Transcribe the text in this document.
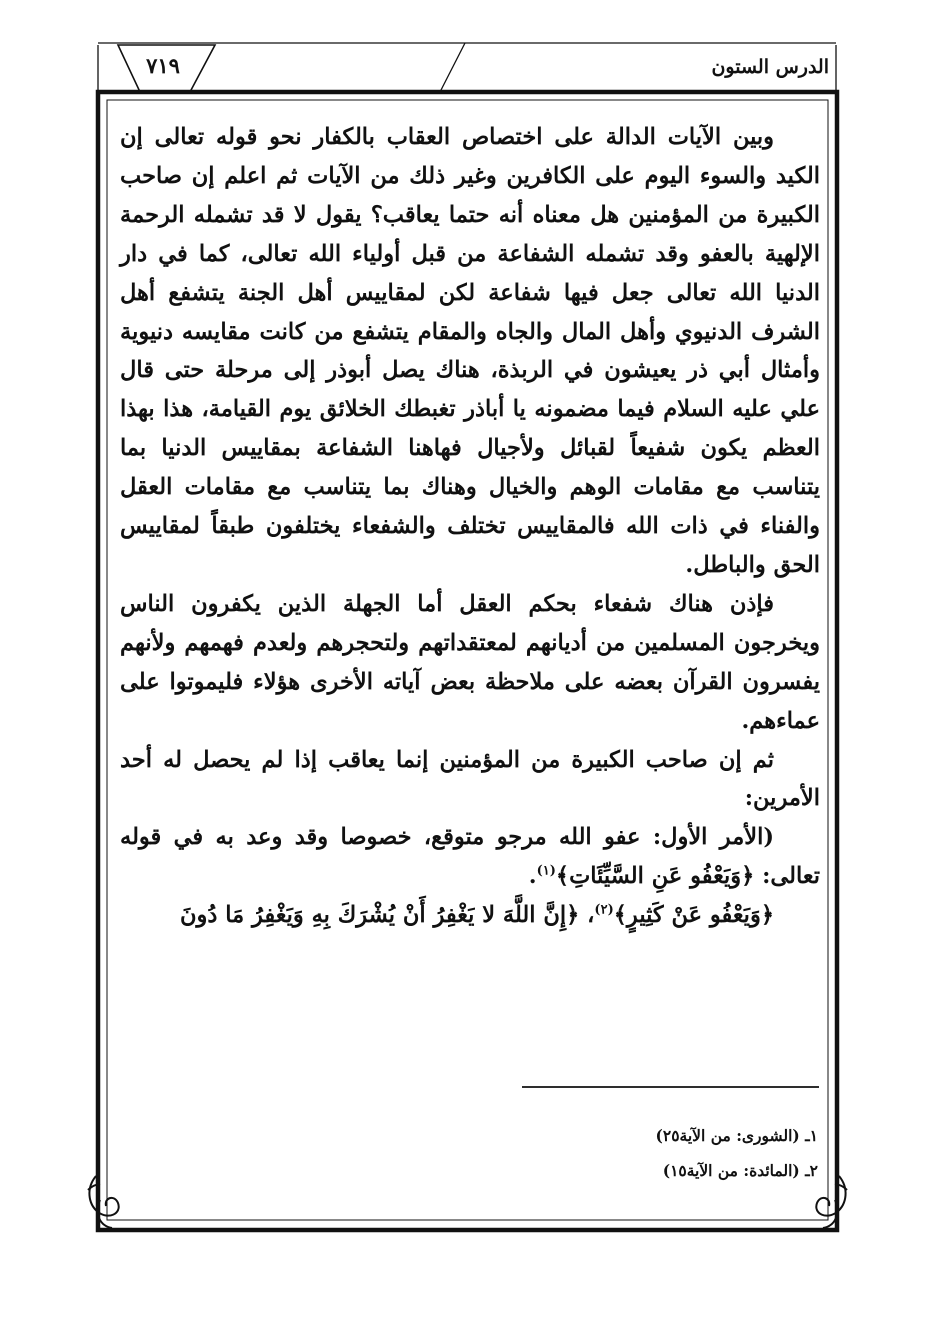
الدرس الستون
٧١٩

وبين الآيات الدالة على اختصاص العقاب بالكفار نحو قوله تعالى إن الكيد والسوء اليوم على الكافرين وغير ذلك من الآيات ثم اعلم إن صاحب الكبيرة من المؤمنين هل معناه أنه حتما يعاقب؟ يقول لا قد تشمله الرحمة الإلهية بالعفو وقد تشمله الشفاعة من قبل أولياء الله تعالى، كما في دار الدنيا الله تعالى جعل فيها شفاعة لكن لمقاييس أهل الجنة يتشفع أهل الشرف الدنيوي وأهل المال والجاه والمقام يتشفع من كانت مقايسه دنيوية وأمثال أبي ذر يعيشون في الربذة، هناك يصل أبوذر إلى مرحلة حتى قال علي عليه السلام فيما مضمونه يا أباذر تغبطك الخلائق يوم القيامة، هذا بهذا العظم يكون شفيعاً لقبائل ولأجيال فهاهنا الشفاعة بمقاييس الدنيا بما يتناسب مع مقامات الوهم والخيال وهناك بما يتناسب مع مقامات العقل والفناء في ذات الله فالمقاييس تختلف والشفعاء يختلفون طبقاً لمقاييس الحق والباطل.

فإذن هناك شفعاء بحكم العقل أما الجهلة الذين يكفرون الناس ويخرجون المسلمين من أديانهم لمعتقداتهم ولتحجرهم ولعدم فهمهم ولأنهم يفسرون القرآن بعضه على ملاحظة بعض آياته الأخرى هؤلاء فليموتوا على عماءهم.

ثم إن صاحب الكبيرة من المؤمنين إنما يعاقب إذا لم يحصل له أحد الأمرين:

(الأمر الأول: عفو الله مرجو متوقع، خصوصا وقد وعد به في قوله تعالى: ﴿وَيَعْفُو عَنِ السَّيِّئَاتِ﴾$^{(١)}$.

﴿وَيَعْفُو عَنْ كَثِيرٍ﴾$^{(٢)}$، ﴿إِنَّ اللَّهَ لا يَغْفِرُ أَنْ يُشْرَكَ بِهِ وَيَغْفِرُ مَا دُونَ

١ـ (الشورى: من الآية٢٥)
٢ـ (المائدة: من الآية١٥)
